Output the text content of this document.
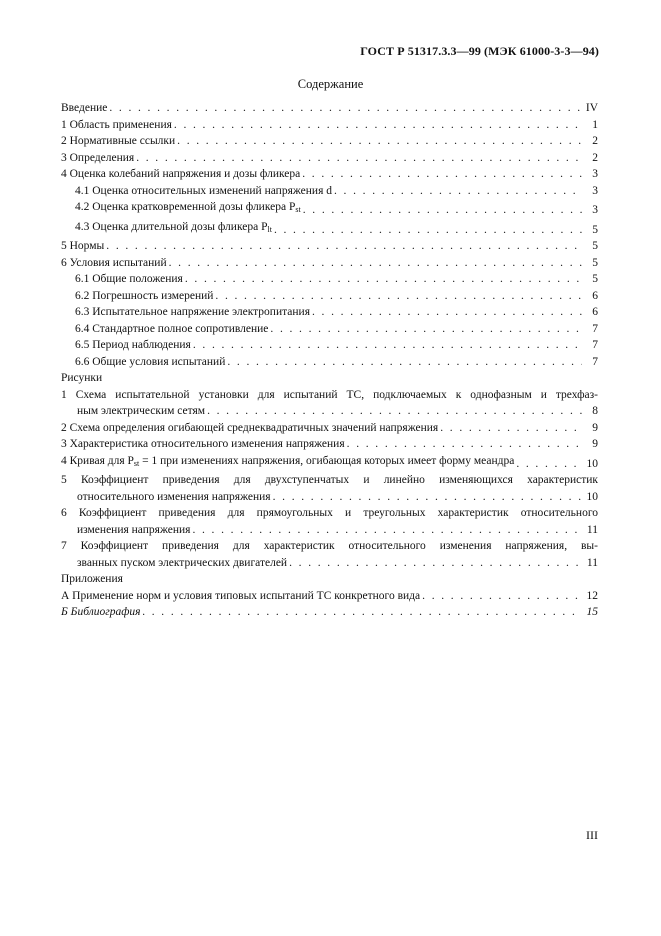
ГОСТ Р 51317.3.3—99 (МЭК 61000-3-3—94)
Содержание
Введение . . .	IV
1 Область применения . . .	1
2 Нормативные ссылки . . .	2
3 Определения . . .	2
4 Оценка колебаний напряжения и дозы фликера . . .	3
4.1 Оценка относительных изменений напряжения d . . .	3
4.2 Оценка кратковременной дозы фликера $P_{st}$ . . .	3
4.3 Оценка длительной дозы фликера $P_{lt}$ . . .	5
5 Нормы . . .	5
6 Условия испытаний . . .	5
6.1 Общие положения . . .	5
6.2 Погрешность измерений . . .	6
6.3 Испытательное напряжение электропитания . . .	6
6.4 Стандартное полное сопротивление . . .	7
6.5 Период наблюдения . . .	7
6.6 Общие условия испытаний . . .	7
Рисунки
1 Схема испытательной установки для испытаний ТС, подключаемых к однофазным и трехфаз-
ным электрическим сетям . . .	8
2 Схема определения огибающей среднеквадратичных значений напряжения . . .	9
3 Характеристика относительного изменения напряжения . . .	9
4 Кривая для $P_{st} = 1$ при изменениях напряжения, огибающая которых имеет форму меандра . . .	10
5 Коэффициент приведения для двухступенчатых и линейно изменяющихся характеристик
относительного изменения напряжения . . .	10
6 Коэффициент приведения для прямоугольных и треугольных характеристик относительного
изменения напряжения . . .	11
7 Коэффициент приведения для характеристик относительного изменения напряжения, вы-
званных пуском электрических двигателей . . .	11
Приложения
А Применение норм и условия типовых испытаний ТС конкретного вида . . .	12
Б Библиография . . .	15
III
